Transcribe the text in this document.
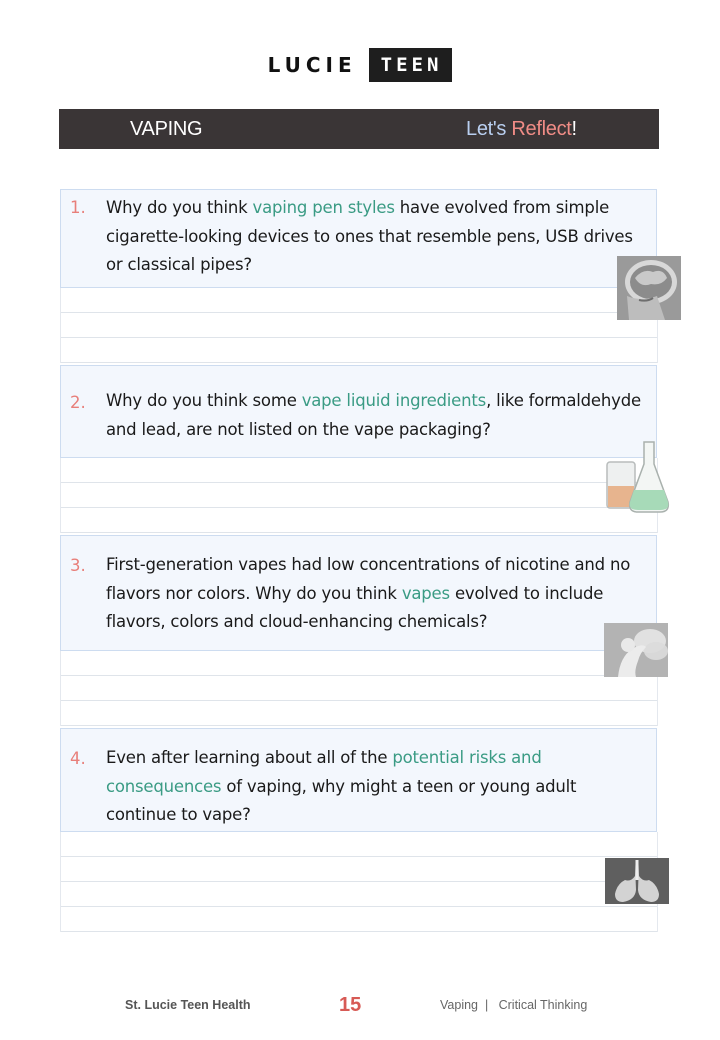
LUCIE	TEEN
VAPING	Let's Reflect!
1. Why do you think vaping pen styles have evolved from simple cigarette-looking devices to ones that resemble pens, USB drives or classical pipes?
2. Why do you think some vape liquid ingredients, like formaldehyde and lead, are not listed on the vape packaging?
3. First-generation vapes had low concentrations of nicotine and no flavors nor colors. Why do you think vapes evolved to include flavors, colors and cloud-enhancing chemicals?
4. Even after learning about all of the potential risks and consequences of vaping, why might a teen or young adult continue to vape?
St. Lucie Teen Health	15	Vaping  |   Critical Thinking
